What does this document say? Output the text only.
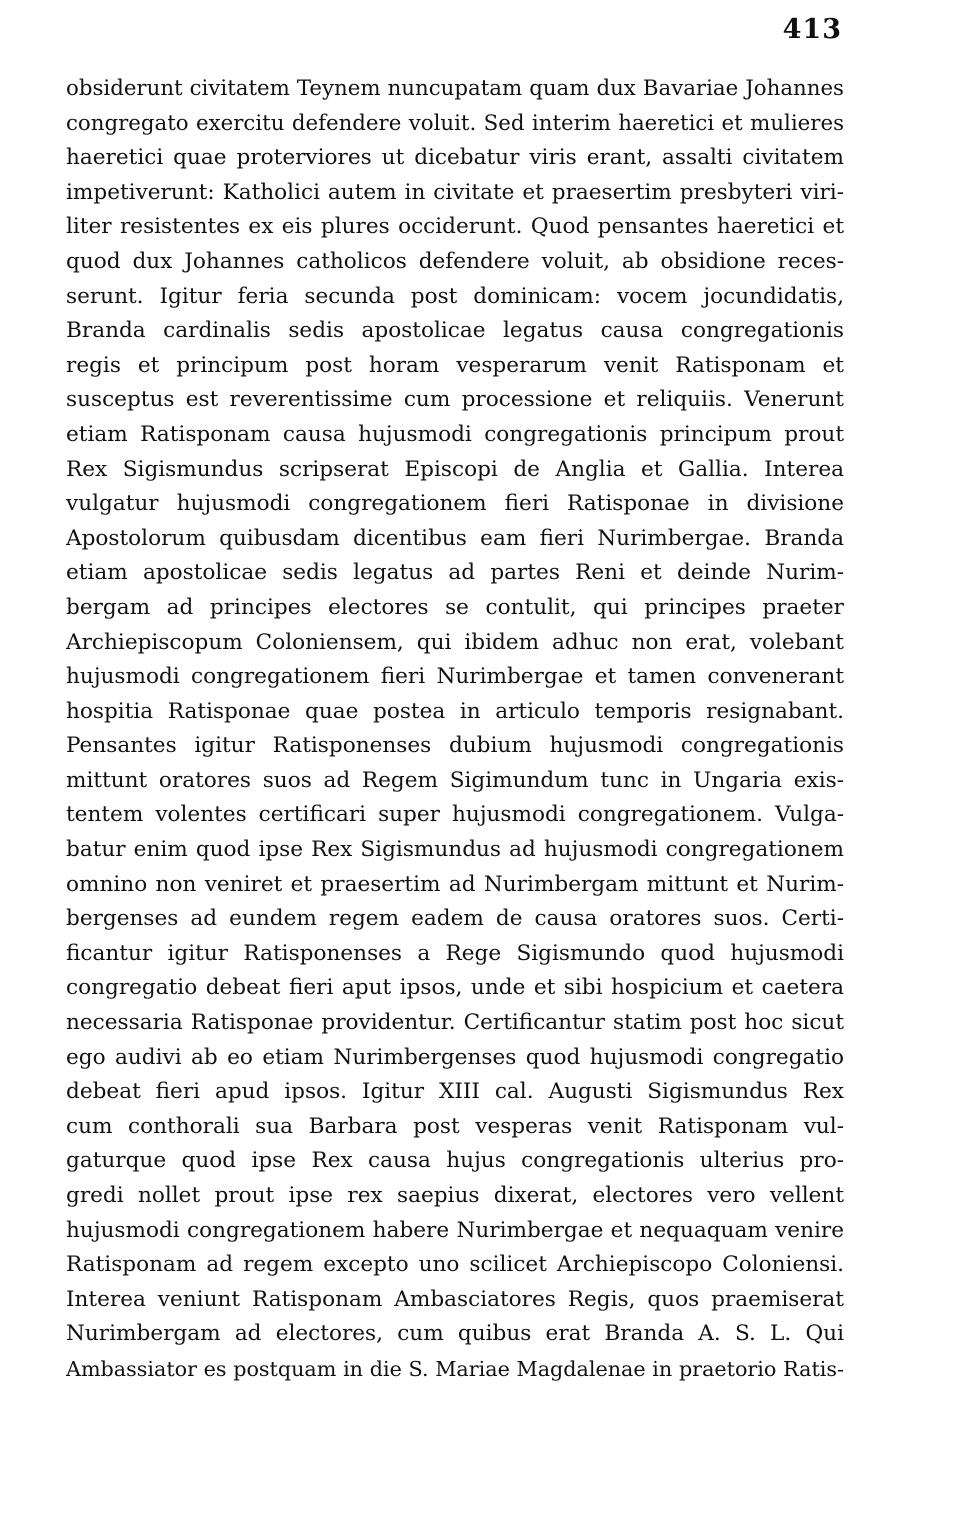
413
obsiderunt civitatem Teynem nuncupatam quam dux Bavariae Johannes
congregato exercitu defendere voluit. Sed interim haeretici et mulieres
haeretici quae proterviores ut dicebatur viris erant, assalti civitatem
impetiverunt: Katholici autem in civitate et praesertim presbyteri viri-
liter resistentes ex eis plures occiderunt. Quod pensantes haeretici et
quod dux Johannes catholicos defendere voluit, ab obsidione reces-
serunt. Igitur feria secunda post dominicam: vocem jocundidatis,
Branda cardinalis sedis apostolicae legatus causa congregationis
regis et principum post horam vesperarum venit Ratisponam et
susceptus est reverentissime cum processione et reliquiis. Venerunt
etiam Ratisponam causa hujusmodi congregationis principum prout
Rex Sigismundus scripserat Episcopi de Anglia et Gallia. Interea
vulgatur hujusmodi congregationem fieri Ratisponae in divisione
Apostolorum quibusdam dicentibus eam fieri Nurimbergae. Branda
etiam apostolicae sedis legatus ad partes Reni et deinde Nurim-
bergam ad principes electores se contulit, qui principes praeter
Archiepiscopum Coloniensem, qui ibidem adhuc non erat, volebant
hujusmodi congregationem fieri Nurimbergae et tamen convenerant
hospitia Ratisponae quae postea in articulo temporis resignabant.
Pensantes igitur Ratisponenses dubium hujusmodi congregationis
mittunt oratores suos ad Regem Sigimundum tunc in Ungaria exis-
tentem volentes certificari super hujusmodi congregationem. Vulga-
batur enim quod ipse Rex Sigismundus ad hujusmodi congregationem
omnino non veniret et praesertim ad Nurimbergam mittunt et Nurim-
bergenses ad eundem regem eadem de causa oratores suos. Certi-
ficantur igitur Ratisponenses a Rege Sigismundo quod hujusmodi
congregatio debeat fieri aput ipsos, unde et sibi hospicium et caetera
necessaria Ratisponae providentur. Certificantur statim post hoc sicut
ego audivi ab eo etiam Nurimbergenses quod hujusmodi congregatio
debeat fieri apud ipsos. Igitur XIII cal. Augusti Sigismundus Rex
cum conthorali sua Barbara post vesperas venit Ratisponam vul-
gaturque quod ipse Rex causa hujus congregationis ulterius pro-
gredi nollet prout ipse rex saepius dixerat, electores vero vellent
hujusmodi congregationem habere Nurimbergae et nequaquam venire
Ratisponam ad regem excepto uno scilicet Archiepiscopo Coloniensi.
Interea veniunt Ratisponam Ambasciatores Regis, quos praemiserat
Nurimbergam ad electores, cum quibus erat Branda A. S. L. Qui
Ambassiator es postquam in die S. Mariae Magdalenae in praetorio Ratis-
